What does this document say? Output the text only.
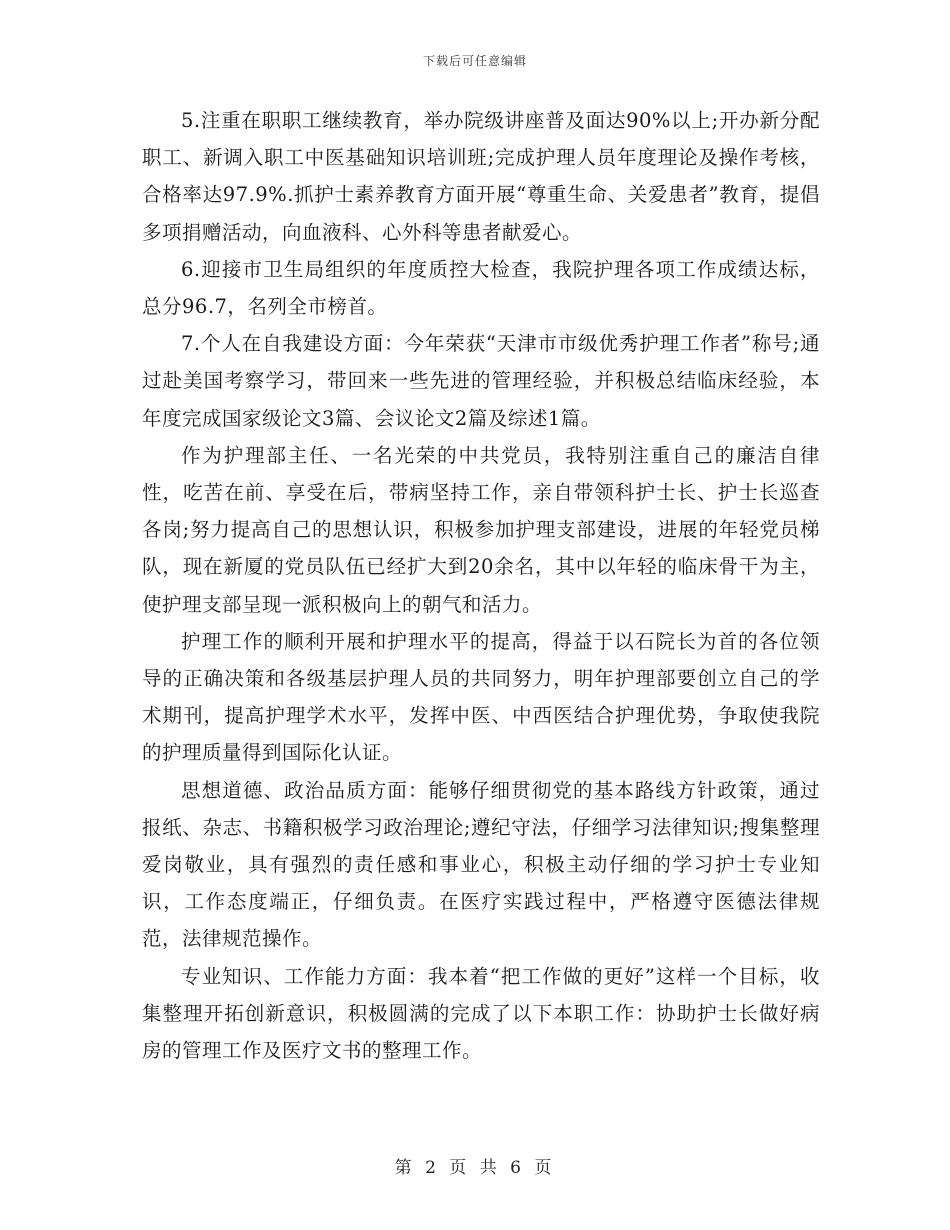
下载后可任意编辑

5.注重在职职工继续教育，举办院级讲座普及面达90%以上;开办新分配职工、新调入职工中医基础知识培训班;完成护理人员年度理论及操作考核，合格率达97.9%.抓护士素养教育方面开展“尊重生命、关爱患者”教育，提倡多项捐赠活动，向血液科、心外科等患者献爱心。

6.迎接市卫生局组织的年度质控大检查，我院护理各项工作成绩达标，总分96.7，名列全市榜首。

7.个人在自我建设方面：今年荣获“天津市市级优秀护理工作者”称号;通过赴美国考察学习，带回来一些先进的管理经验，并积极总结临床经验，本年度完成国家级论文3篇、会议论文2篇及综述1篇。

作为护理部主任、一名光荣的中共党员，我特别注重自己的廉洁自律性，吃苦在前、享受在后，带病坚持工作，亲自带领科护士长、护士长巡查各岗;努力提高自己的思想认识，积极参加护理支部建设，进展的年轻党员梯队，现在新厦的党员队伍已经扩大到20余名，其中以年轻的临床骨干为主，使护理支部呈现一派积极向上的朝气和活力。

护理工作的顺利开展和护理水平的提高，得益于以石院长为首的各位领导的正确决策和各级基层护理人员的共同努力，明年护理部要创立自己的学术期刊，提高护理学术水平，发挥中医、中西医结合护理优势，争取使我院的护理质量得到国际化认证。

思想道德、政治品质方面：能够仔细贯彻党的基本路线方针政策，通过报纸、杂志、书籍积极学习政治理论;遵纪守法，仔细学习法律知识;搜集整理爱岗敬业，具有强烈的责任感和事业心，积极主动仔细的学习护士专业知识，工作态度端正，仔细负责。在医疗实践过程中，严格遵守医德法律规范，法律规范操作。

专业知识、工作能力方面：我本着“把工作做的更好”这样一个目标，收集整理开拓创新意识，积极圆满的完成了以下本职工作：协助护士长做好病房的管理工作及医疗文书的整理工作。

第 2 页 共 6 页
